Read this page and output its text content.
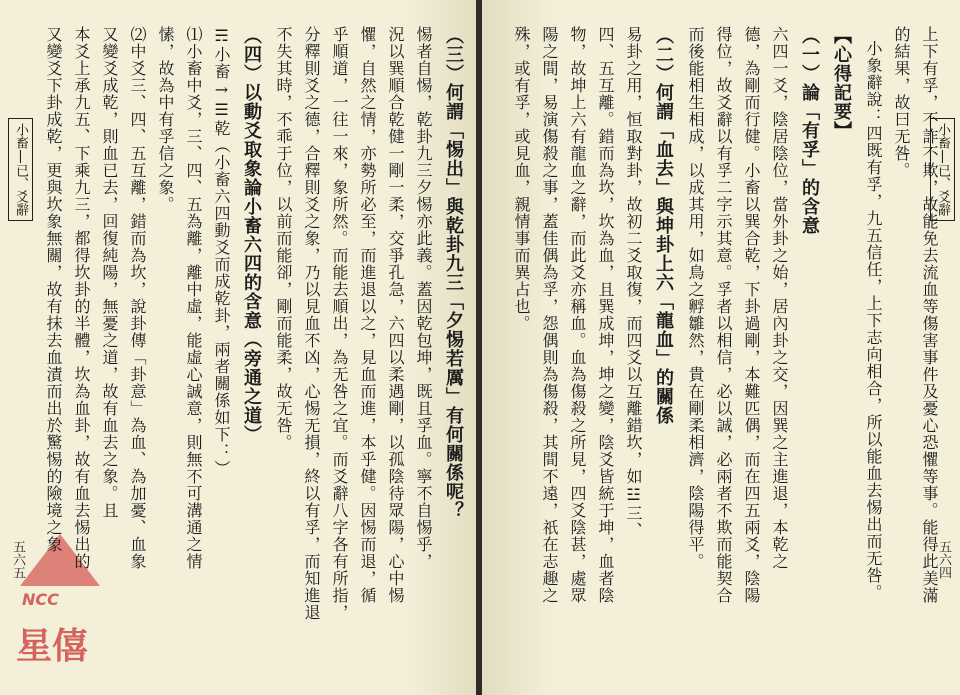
小畜|已、爻辭
五六五
NCC
星僖
又變爻下卦成乾，更與坎象無關，故有抹去血漬而出於驚惕的險境之象 本爻上承九五、下乘九三，都得坎卦的半體，坎為血卦，故有血去惕出的 又變爻成乾，則血已去，回復純陽，無憂之道，故有血去之象。且 ⑵中爻三、四、五互離，錯而為坎，說卦傳「卦意」為血、為加憂、血象 愫，故為中有孚信之象。 ⑴小畜中爻，三、四、五為離，離中虛，能虛心誠意，則無不可溝通之情 ☴小畜→☰乾（小畜六四動爻而成乾卦，兩者關係如下：） （四）以動爻取象論小畜六四的含意（旁通之道） 不失其時，不乖于位，以前而能卻，剛而能柔，故无咎。 分釋則爻之德，合釋則爻之象，乃以見血不凶，心惕无損，終以有孚，而知進退 乎順道，一往一來，象所然。而能去順出，為无咎之宜。而爻辭八字各有所指， 懼，自然之情，亦勢所必至，而進退以之，見血而進，本乎健。因惕而退，循 況以巽順合乾健一剛一柔，交爭孔急，六四以柔遇剛，以孤陰待眾陽，心中惕 惕者自惕，乾卦九三夕惕亦此義。蓋因乾包坤，既且孚血。寧不自惕乎， （三）何謂「惕出」與乾卦九三「夕惕若厲」有何關係呢？	小畜|已、爻辭
五六四
殊，或有孚，或見血，親情事而異占也。 陽之間，易演傷殺之事，蓋佳偶為孚，怨偶則為傷殺，其間不遠，祇在志趣之 物，故坤上六有龍血之辭，而此爻亦稱血。血為傷殺之所見，四爻陰甚，處眾 四、五互離。錯而為坎，坎為血，且巽成坤，坤之變，陰爻皆統于坤，血者陰 易卦之用，恒取對卦，故初二爻取復，而四爻以互離錯坎，如☳三、 （二）何謂「血去」與坤卦上六「龍血」的關係 而後能相生相成，以成其用，如鳥之孵雛然，貴在剛柔相濟，陰陽得平。 得位，故爻辭以有孚二字示其意。孚者以相信，必以誠，必兩者不欺而能契合 德，為剛而行健。小畜以巽合乾，下卦過剛，本難匹偶，而在四五兩爻，陰陽 六四一爻，陰居陰位，當外卦之始，居內卦之交，因巽之主進退，本乾之 （一）論「有孚」的含意 【心得記要】 小象辭說：四既有孚，九五信任，上下志向相合，所以能血去惕出而无咎。 的結果，故曰无咎。 上下有孚，不詐不欺，故能免去流血等傷害事件及憂心恐懼等事。能得此美滿
